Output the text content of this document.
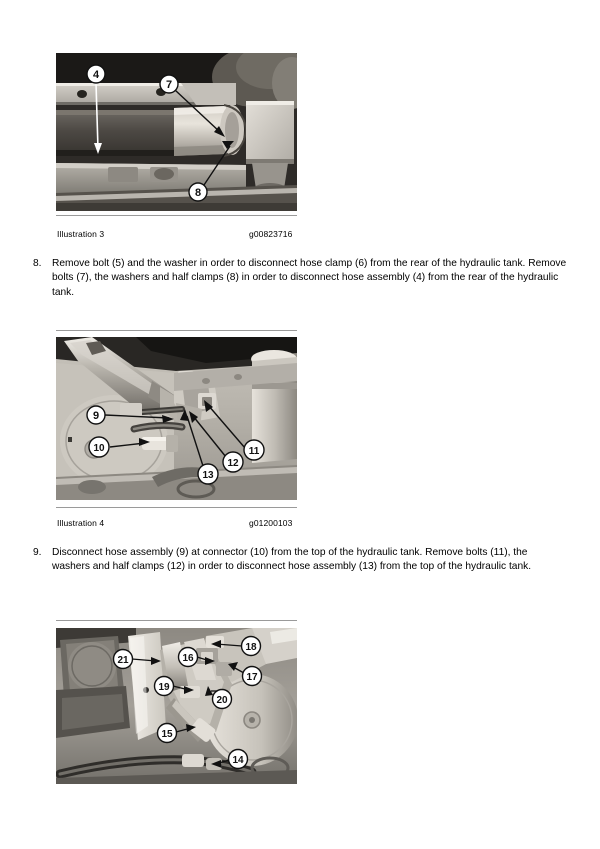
4
7
8
Illustration 3	g00823716
8.	Remove bolt (5) and the washer in order to disconnect hose clamp (6) from the rear of the hydraulic tank. Remove bolts (7), the washers and half clamps (8) in order to disconnect hose assembly (4) from the rear of the hydraulic tank.
9
10	11
12
13
Illustration 4	g01200103
9.	Disconnect hose assembly (9) at connector (10) from the top of the hydraulic tank. Remove bolts (11), the washers and half clamps (12) in order to disconnect hose assembly (13) from the top of the hydraulic tank.
21	16
18
17
19
20
15
14
